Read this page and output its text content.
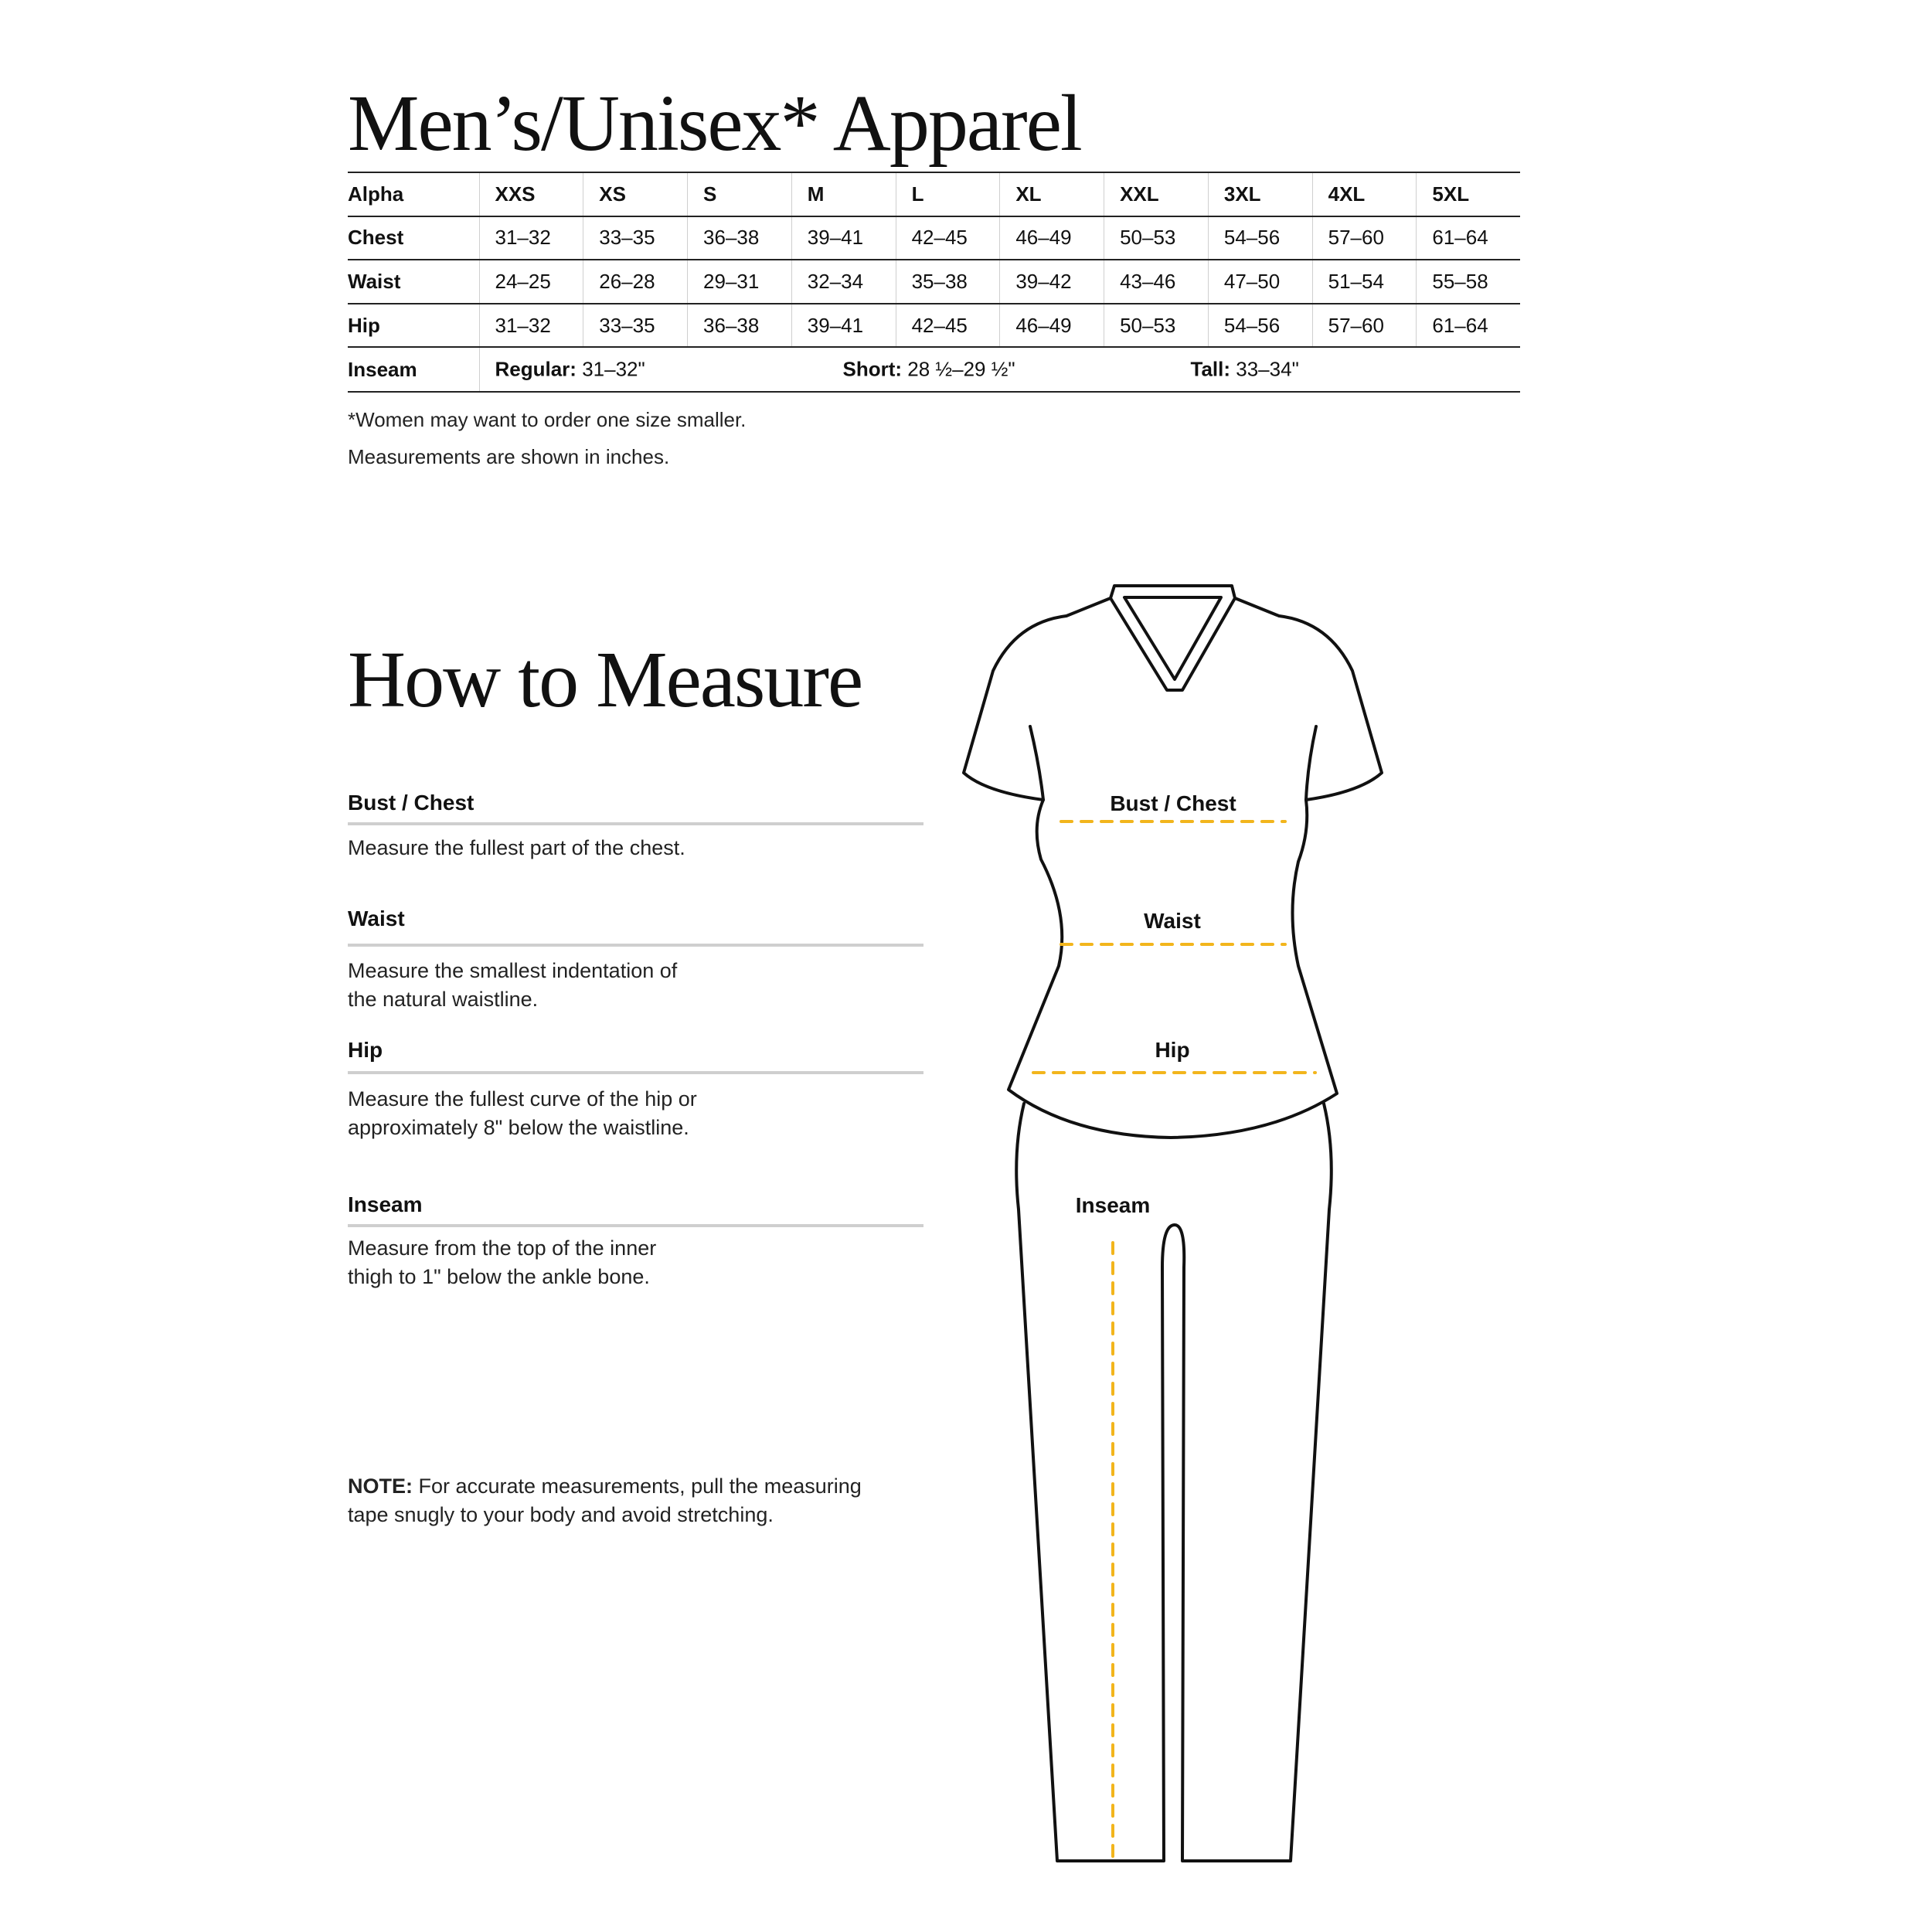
Men’s/Unisex* Apparel
Alpha	XXS	XS	S	M	L	XL	XXL	3XL	4XL	5XL
Chest	31–32	33–35	36–38	39–41	42–45	46–49	50–53	54–56	57–60	61–64
Waist	24–25	26–28	29–31	32–34	35–38	39–42	43–46	47–50	51–54	55–58
Hip	31–32	33–35	36–38	39–41	42–45	46–49	50–53	54–56	57–60	61–64
Inseam	Regular: 31–32" Short: 28 ½–29 ½" Tall: 33–34"									
*Women may want to order one size smaller.
Measurements are shown in inches.
How to Measure
Bust / Chest
Measure the fullest part of the chest.
Waist
Measure the smallest indentation of
the natural waistline.
Hip
Measure the fullest curve of the hip or
approximately 8" below the waistline.
Inseam
Measure from the top of the inner
thigh to 1" below the ankle bone.
NOTE: For accurate measurements, pull the measuring
tape snugly to your body and avoid stretching.
Bust / Chest
Waist
Hip
Inseam
